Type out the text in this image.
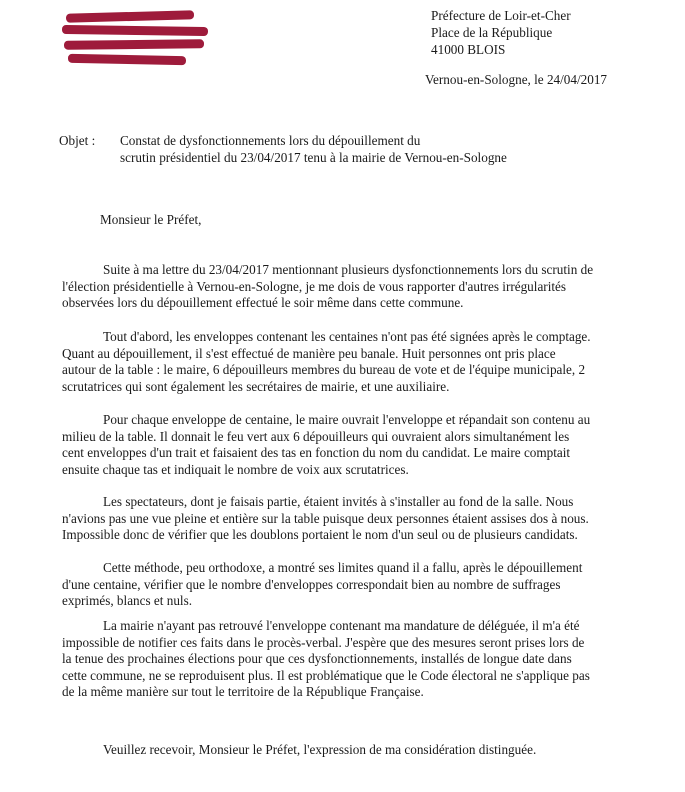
Préfecture de Loir-et-Cher
Place de la République
41000 BLOIS
Vernou-en-Sologne, le 24/04/2017
Objet : Constat de dysfonctionnements lors du dépouillement du
scrutin présidentiel du 23/04/2017 tenu à la mairie de Vernou-en-Sologne
Monsieur le Préfet,
Suite à ma lettre du 23/04/2017 mentionnant plusieurs dysfonctionnements lors du scrutin de
l'élection présidentielle à Vernou-en-Sologne, je me dois de vous rapporter d'autres irrégularités
observées lors du dépouillement effectué le soir même dans cette commune.
Tout d'abord, les enveloppes contenant les centaines n'ont pas été signées après le comptage.
Quant au dépouillement, il s'est effectué de manière peu banale. Huit personnes ont pris place
autour de la table : le maire, 6 dépouilleurs membres du bureau de vote et de l'équipe municipale, 2
scrutatrices qui sont également les secrétaires de mairie, et une auxiliaire.
Pour chaque enveloppe de centaine, le maire ouvrait l'enveloppe et répandait son contenu au
milieu de la table. Il donnait le feu vert aux 6 dépouilleurs qui ouvraient alors simultanément les
cent enveloppes d'un trait et faisaient des tas en fonction du nom du candidat. Le maire comptait
ensuite chaque tas et indiquait le nombre de voix aux scrutatrices.
Les spectateurs, dont je faisais partie, étaient invités à s'installer au fond de la salle. Nous
n'avions pas une vue pleine et entière sur la table puisque deux personnes étaient assises dos à nous.
Impossible donc de vérifier que les doublons portaient le nom d'un seul ou de plusieurs candidats.
Cette méthode, peu orthodoxe, a montré ses limites quand il a fallu, après le dépouillement
d'une centaine, vérifier que le nombre d'enveloppes correspondait bien au nombre de suffrages
exprimés, blancs et nuls.
La mairie n'ayant pas retrouvé l'enveloppe contenant ma mandature de déléguée, il m'a été
impossible de notifier ces faits dans le procès-verbal. J'espère que des mesures seront prises lors de
la tenue des prochaines élections pour que ces dysfonctionnements, installés de longue date dans
cette commune, ne se reproduisent plus. Il est problématique que le Code électoral ne s'applique pas
de la même manière sur tout le territoire de la République Française.
Veuillez recevoir, Monsieur le Préfet, l'expression de ma considération distinguée.
